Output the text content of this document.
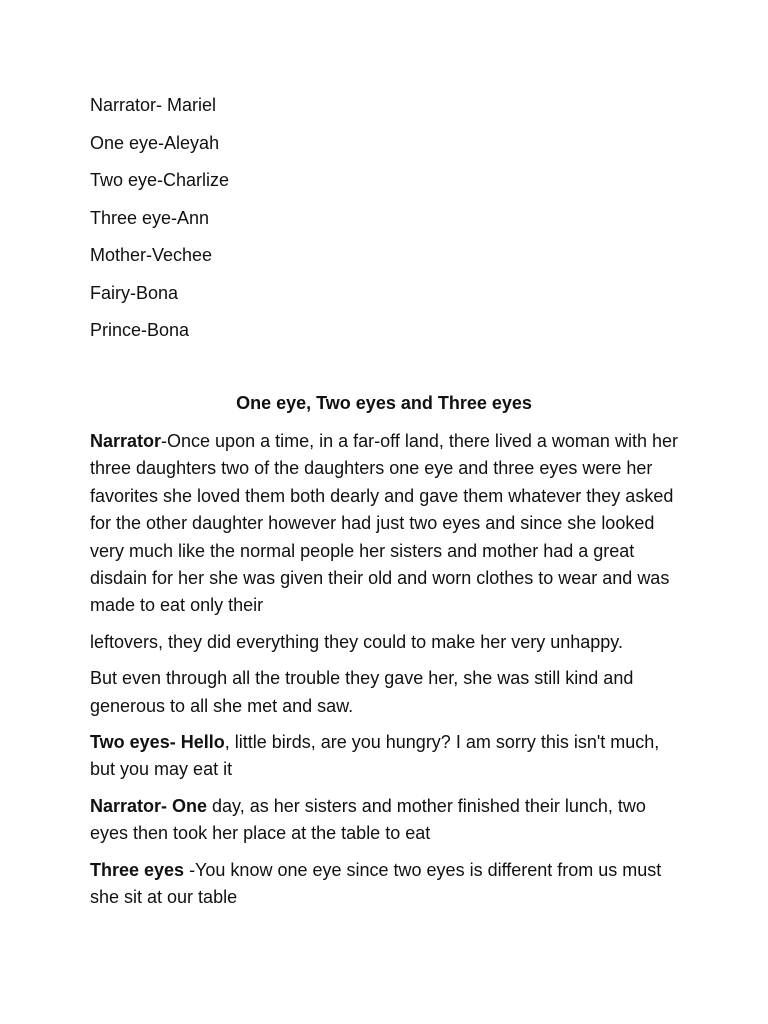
Narrator- Mariel
One eye-Aleyah
Two eye-Charlize
Three eye-Ann
Mother-Vechee
Fairy-Bona
Prince-Bona
One eye, Two eyes and Three eyes

Narrator-Once upon a time, in a far-off land, there lived a woman with her three daughters two of the daughters one eye and three eyes were her favorites she loved them both dearly and gave them whatever they asked for the other daughter however had just two eyes and since she looked very much like the normal people her sisters and mother had a great disdain for her she was given their old and worn clothes to wear and was made to eat only their

leftovers, they did everything they could to make her very unhappy.

But even through all the trouble they gave her, she was still kind and generous to all she met and saw.

Two eyes- Hello, little birds, are you hungry? I am sorry this isn't much, but you may eat it

Narrator- One day, as her sisters and mother finished their lunch, two eyes then took her place at the table to eat

Three eyes -You know one eye since two eyes is different from us must she sit at our table
